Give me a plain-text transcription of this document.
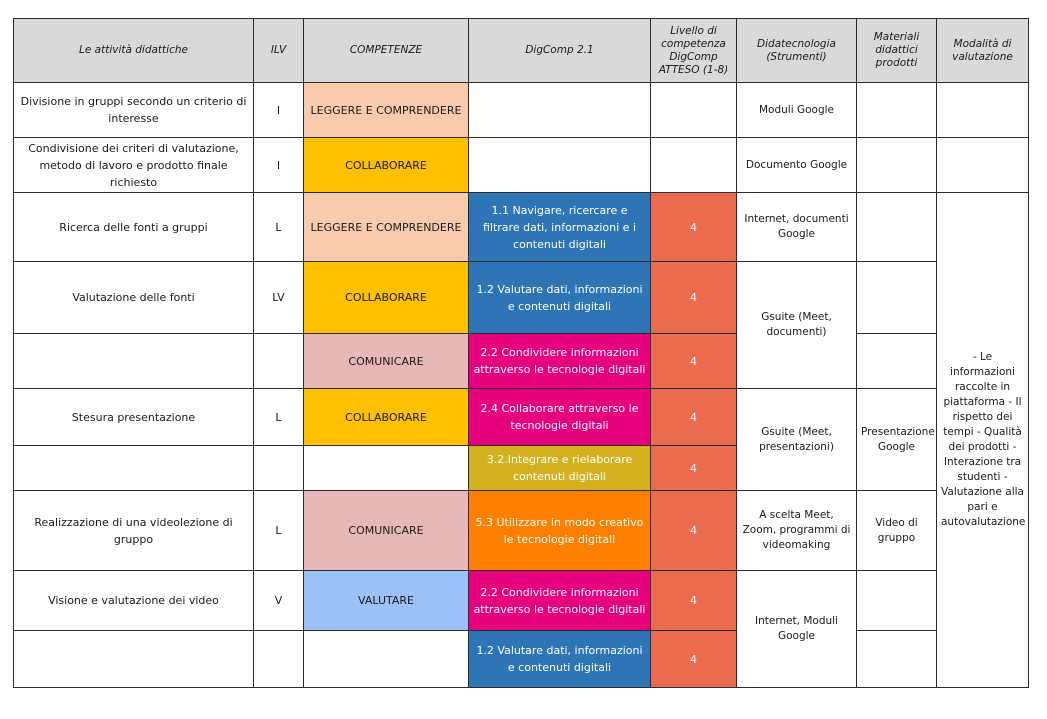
Le attività didattiche	ILV	COMPETENZE	DigComp 2.1	Livello di competenza DigComp ATTESO (1-8)	Didatecnologia (Strumenti)	Materiali didattici prodotti	Modalità di valutazione
Divisione in gruppi secondo un criterio di interesse	I	LEGGERE E COMPRENDERE			Moduli Google		
Condivisione dei criteri di valutazione, metodo di lavoro e prodotto finale richiesto	I	COLLABORARE			Documento Google		
Ricerca delle fonti a gruppi	L	LEGGERE E COMPRENDERE	1.1 Navigare, ricercare e filtrare dati, informazioni e i contenuti digitali	4	Internet, documenti Google		- Le informazioni raccolte in piattaforma - Il rispetto dei tempi - Qualità dei prodotti - Interazione tra studenti - Valutazione alla pari e autovalutazione
Valutazione delle fonti	LV	COLLABORARE	1.2 Valutare dati, informazioni e contenuti digitali	4	Gsuite (Meet, documenti)		
		COMUNICARE	2.2 Condividere informazioni attraverso le tecnologie digitali	4			
Stesura presentazione	L	COLLABORARE	2.4 Collaborare attraverso le tecnologie digitali	4	Gsuite (Meet, presentazioni)	Presentazione Google	
			3.2.Integrare e rielaborare contenuti digitali	4			
Realizzazione di una videolezione di gruppo	L	COMUNICARE	5.3 Utilizzare in modo creativo le tecnologie digitali	4	A scelta Meet, Zoom, programmi di videomaking	Video di gruppo	
Visione e valutazione dei video	V	VALUTARE	2.2 Condividere informazioni attraverso le tecnologie digitali	4	Internet, Moduli Google		
			1.2 Valutare dati, informazioni e contenuti digitali	4			
